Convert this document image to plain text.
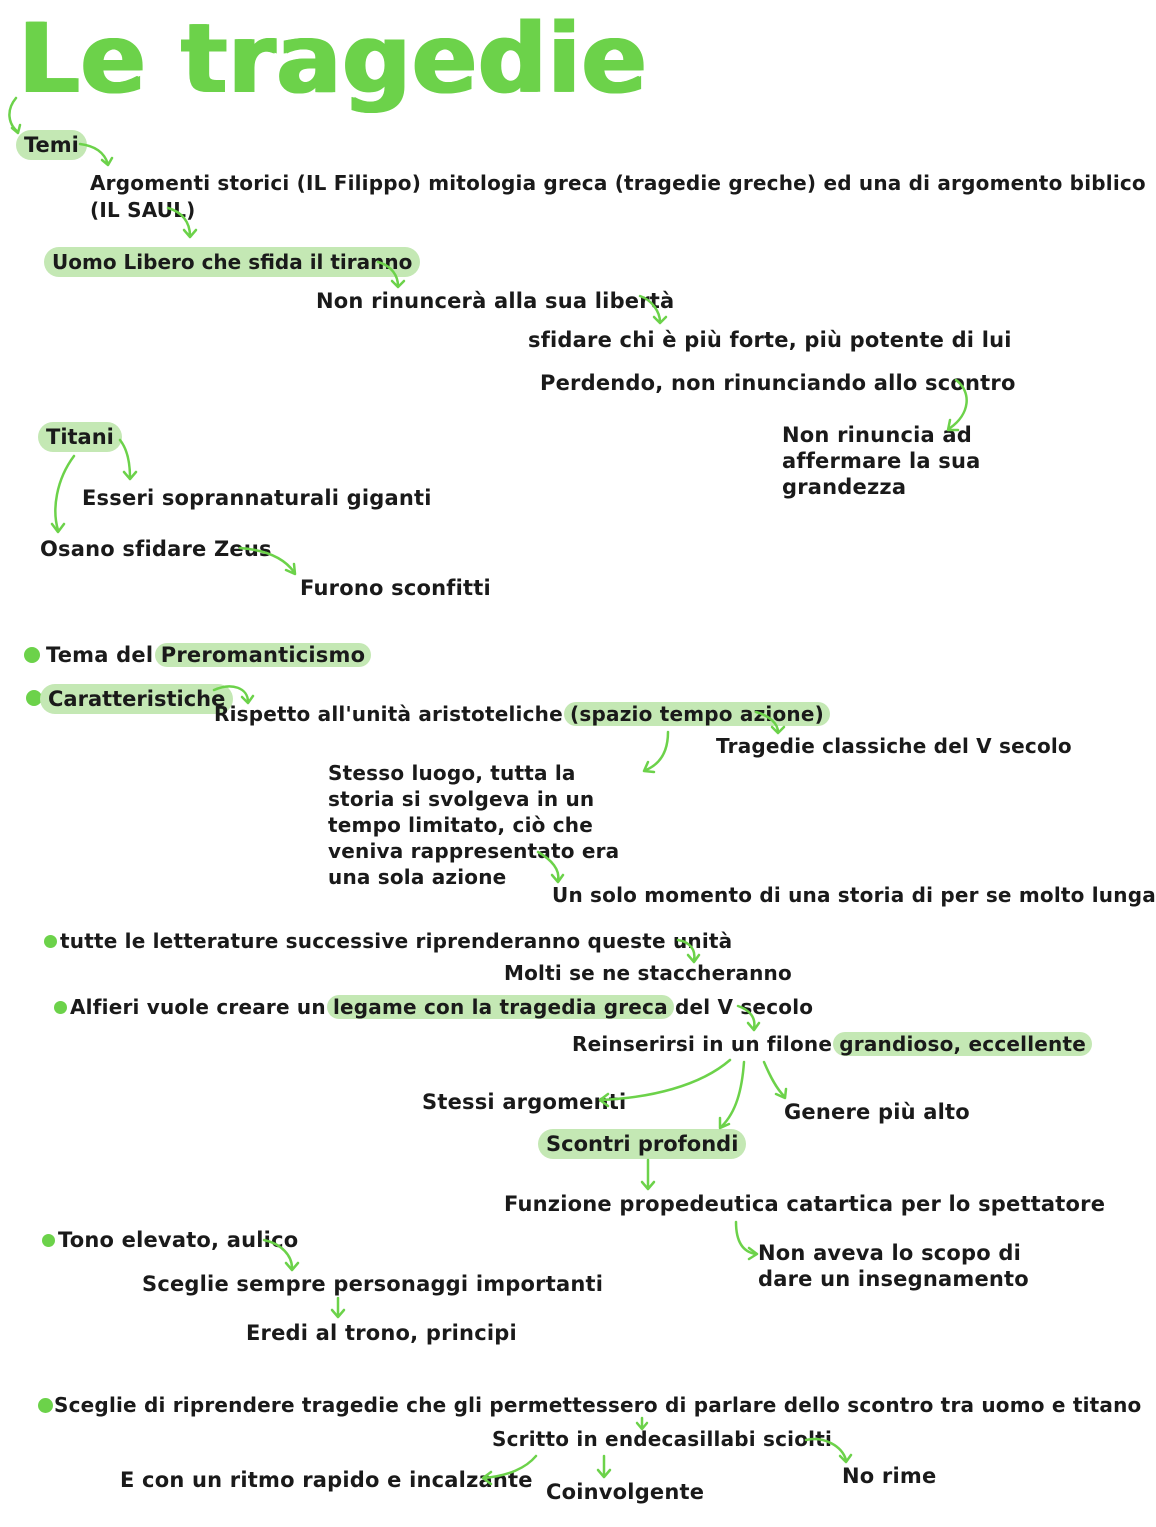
Le tragedie
Temi
Argomenti storici (IL Filippo) mitologia greca (tragedie greche) ed una di argomento biblico
(IL SAUL)
Uomo Libero che sfida il tiranno
Non rinuncerà alla sua libertà
sfidare chi è più forte, più potente di lui
Perdendo, non rinunciando allo scontro
Non rinuncia ad affermare la sua grandezza
Titani
Esseri soprannaturali giganti
Osano sfidare Zeus
Furono sconfitti
Tema del Preromanticismo
Caratteristiche
Rispetto all'unità aristoteliche (spazio tempo azione)
Tragedie classiche del V secolo
Stesso luogo, tutta la storia si svolgeva in un tempo limitato, ciò che veniva rappresentato era una sola azione
Un solo momento di una storia di per se molto lunga
tutte le letterature successive riprenderanno queste unità
Molti se ne staccheranno
Alfieri vuole creare un legame con la tragedia greca del V secolo
Reinserirsi in un filone grandioso, eccellente
Stessi argomenti	Genere più alto
Scontri profondi
Funzione propedeutica catartica per lo spettatore
Non aveva lo scopo di dare un insegnamento
Tono elevato, aulico
Sceglie sempre personaggi importanti
Eredi al trono, principi
Sceglie di riprendere tragedie che gli permettessero di parlare dello scontro tra uomo e titano
Scritto in endecasillabi sciolti
No rime
E con un ritmo rapido e incalzante Coinvolgente
